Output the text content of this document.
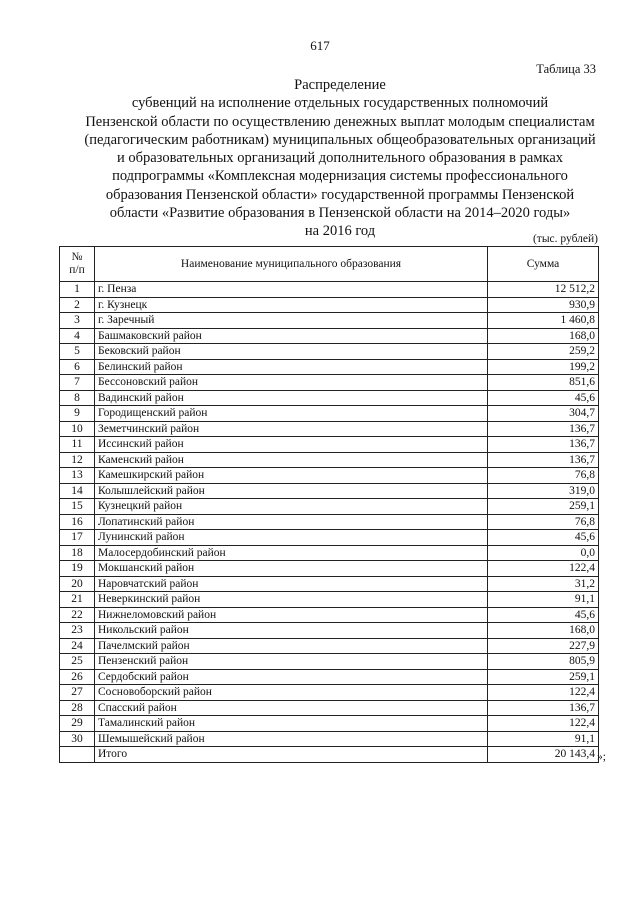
617
Таблица 33
Распределение
субвенций на исполнение отдельных государственных полномочий
Пензенской области по осуществлению денежных выплат молодым специалистам
(педагогическим работникам) муниципальных общеобразовательных организаций
и образовательных организаций дополнительного образования в рамках
подпрограммы «Комплексная модернизация системы профессионального
образования Пензенской области» государственной программы Пензенской
области «Развитие образования в Пензенской области на 2014–2020 годы»
на 2016 год	(тыс. рублей)
№
п/п	Наименование муниципального образования	Сумма
1	г. Пенза	12 512,2
2	г. Кузнецк	930,9
3	г. Заречный	1 460,8
4	Башмаковский район	168,0
5	Бековский район	259,2
6	Белинский район	199,2
7	Бессоновский район	851,6
8	Вадинский район	45,6
9	Городищенский район	304,7
10	Земетчинский район	136,7
11	Иссинский район	136,7
12	Каменский район	136,7
13	Камешкирский район	76,8
14	Колышлейский район	319,0
15	Кузнецкий район	259,1
16	Лопатинский район	76,8
17	Лунинский район	45,6
18	Малосердобинский район	0,0
19	Мокшанский район	122,4
20	Наровчатский район	31,2
21	Неверкинский район	91,1
22	Нижнеломовский район	45,6
23	Никольский район	168,0
24	Пачелмский район	227,9
25	Пензенский район	805,9
26	Сердобский район	259,1
27	Сосновоборский район	122,4
28	Спасский район	136,7
29	Тамалинский район	122,4
30	Шемышейский район	91,1
	Итого	20 143,4 »;
